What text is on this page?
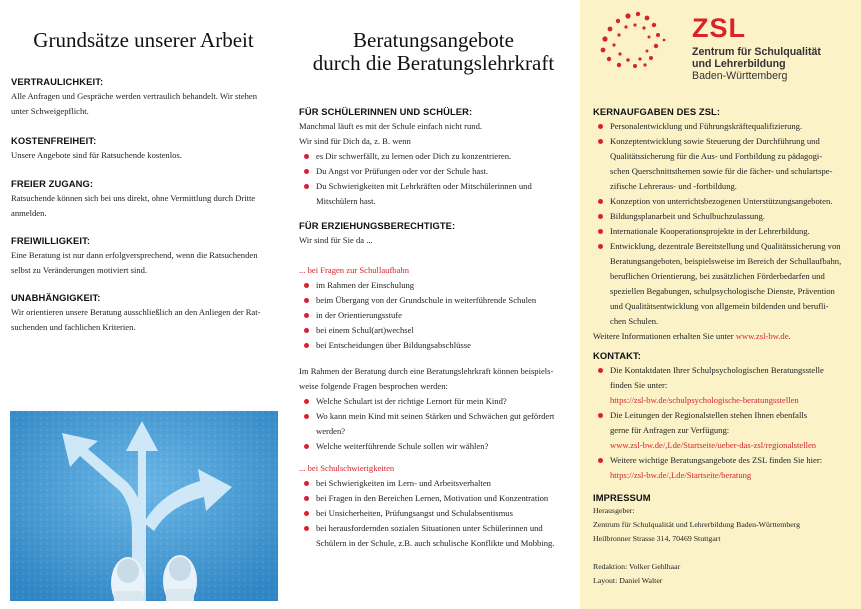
Grundsätze unserer Arbeit
VERTRAULICHKEIT:
Alle Anfragen und Gespräche werden vertraulich behandelt. Wir stehen
unter Schweigepflicht.
KOSTENFREIHEIT:
Unsere Angebote sind für Ratsuchende kostenlos.
FREIER ZUGANG:
Ratsuchende können sich bei uns direkt, ohne Vermittlung durch Dritte
anmelden.
FREIWILLIGKEIT:
Eine Beratung ist nur dann erfolgversprechend, wenn die Ratsuchenden
selbst zu Veränderungen motiviert sind.
UNABHÄNGIGKEIT:
Wir orientieren unsere Beratung ausschließlich an den Anliegen der Rat-
suchenden und fachlichen Kriterien.
Beratungsangebote
durch die Beratungslehrkraft
FÜR SCHÜLERINNEN UND SCHÜLER:
Manchmal läuft es mit der Schule einfach nicht rund.
Wir sind für Dich da, z. B. wenn
es Dir schwerfällt, zu lernen oder Dich zu konzentrieren.
Du Angst vor Prüfungen oder vor der Schule hast.
Du Schwierigkeiten mit Lehrkräften oder Mitschülerinnen und
Mitschülern hast.
FÜR ERZIEHUNGSBERECHTIGTE:
Wir sind für Sie da ...
... bei Fragen zur Schullaufbahn
im Rahmen der Einschulung
beim Übergang von der Grundschule in weiterführende Schulen
in der Orientierungsstufe
bei einem Schul(art)wechsel
bei Entscheidungen über Bildungsabschlüsse
Im Rahmen der Beratung durch eine Beratungslehrkraft können beispiels-
weise folgende Fragen besprochen werden:
Welche Schulart ist der richtige Lernort für mein Kind?
Wo kann mein Kind mit seinen Stärken und Schwächen gut gefördert
werden?
Welche weiterführende Schule sollen wir wählen?
... bei Schulschwierigkeiten
bei Schwierigkeiten im Lern- und Arbeitsverhalten
bei Fragen in den Bereichen Lernen, Motivation und Konzentration
bei Unsicherheiten, Prüfungsangst und Schulabsentismus
bei herausfordernden sozialen Situationen unter Schülerinnen und
Schülern in der Schule, z.B. auch schulische Konflikte und Mobbing.
ZSL
Zentrum für Schulqualität
und Lehrerbildung
Baden-Württemberg
KERNAUFGABEN DES ZSL:
Personalentwicklung und Führungskräftequalifizierung.
Konzeptentwicklung sowie Steuerung der Durchführung und
Qualitätssicherung für die Aus- und Fortbildung zu pädagogi-
schen Querschnittsthemen sowie für die fächer- und schulartspe-
zifische Lehreraus- und -fortbildung.
Konzeption von unterrichtsbezogenen Unterstützungsangeboten.
Bildungsplanarbeit und Schulbuchzulassung.
Internationale Kooperationsprojekte in der Lehrerbildung.
Entwicklung, dezentrale Bereitstellung und Qualitätssicherung von
Beratungsangeboten, beispielsweise im Bereich der Schullaufbahn,
beruflichen Orientierung, bei zusätzlichen Förderbedarfen und
speziellen Begabungen, schulpsychologische Dienste, Prävention
und Qualitätsentwicklung von allgemein bildenden und berufli-
chen Schulen.
Weitere Informationen erhalten Sie unter www.zsl-bw.de.
KONTAKT:
Die Kontaktdaten Ihrer Schulpsychologischen Beratungsstelle
finden Sie unter:
https://zsl-bw.de/schulpsychologische-beratungsstellen
Die Leitungen der Regionalstellen stehen Ihnen ebenfalls
gerne für Anfragen zur Verfügung:
www.zsl-bw.de/,Lde/Startseite/ueber-das-zsl/regionalstellen
Weitere wichtige Beratungsangebote des ZSL finden Sie hier:
https://zsl-bw.de/,Lde/Startseite/beratung
IMPRESSUM
Herausgeber:
Zentrum für Schulqualität und Lehrerbildung Baden-Württemberg
Heilbronner Strasse 314, 70469 Stuttgart
Redaktion: Volker Gehlhaar
Layout: Daniel Walter
